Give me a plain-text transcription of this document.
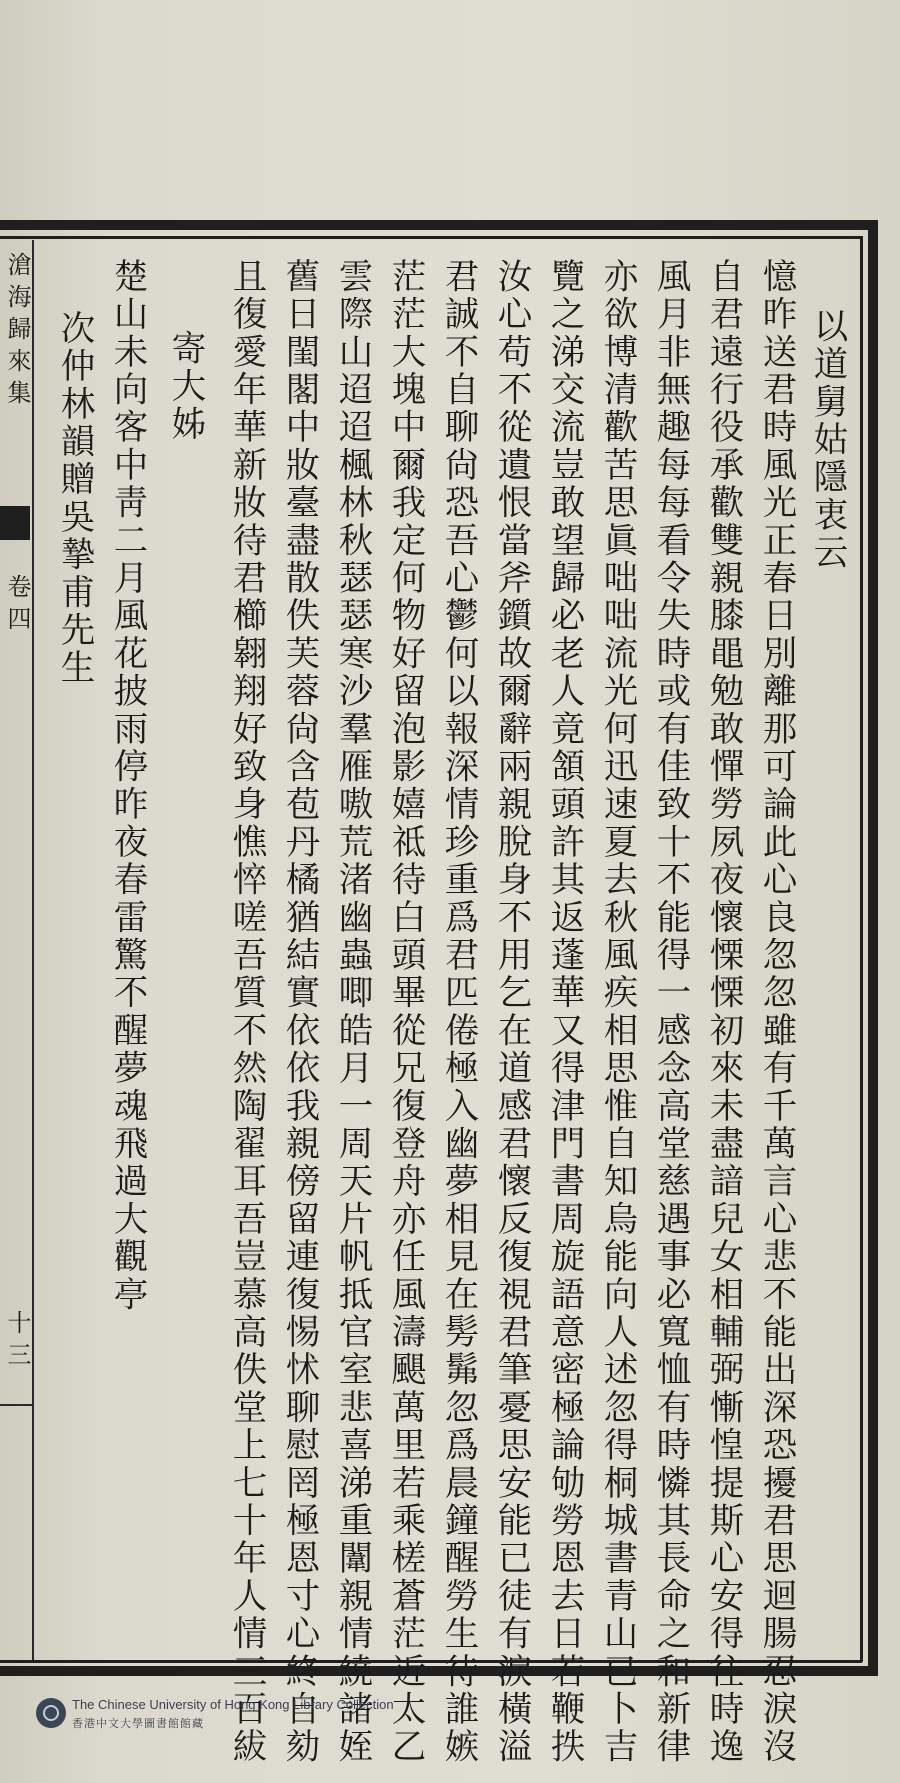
滄海歸來集
卷四
十三
以道舅姑隱衷云
憶昨送君時風光正春日別離那可論此心良忽忽雖有千萬言心悲不能出深恐擾君思迴腸忍淚沒
自君遠行役承歡雙親膝黽勉敢憚勞夙夜懷慄慄初來未盡諳兒女相輔弼慚惶提斯心安得往時逸
風月非無趣每每看令失時或有佳致十不能得一感念高堂慈遇事必寬恤有時憐其長命之和新律
亦欲博清歡苦思眞咄咄流光何迅速夏去秋風疾相思惟自知烏能向人述忽得桐城書青山已卜吉
覽之涕交流豈敢望歸必老人竟頷頭許其返蓬華又得津門書周旋語意密極論劬勞恩去日若鞭抶
汝心苟不從遺恨當斧鑕故爾辭兩親脫身不用乞在道感君懷反復視君筆憂思安能已徒有淚橫溢
君誠不自聊尙恐吾心鬱何以報深情珍重爲君匹倦極入幽夢相見在髣髴忽爲晨鐘醒勞生待誰嫉
茫茫大塊中爾我定何物好留泡影嬉祗待白頭畢從兄復登舟亦任風濤颶萬里若乘槎蒼茫近太乙
雲際山迢迢楓林秋瑟瑟寒沙羣雁嗷荒渚幽蟲唧皓月一周天片帆抵官室悲喜涕重闈親情繞諸姪
舊日閨閣中妝臺盡散佚芙蓉尙含苞丹橘猶結實依依我親傍留連復惕怵聊慰罔極恩寸心終自劾
且復愛年華新妝待君櫛翱翔好致身憔悴嗟吾質不然陶翟耳吾豈慕高佚堂上七十年人情三百紱
寄大姊
楚山未向客中靑二月風花披雨停昨夜春雷驚不醒夢魂飛過大觀亭
次仲林韻贈吳摯甫先生
The Chinese University of Hong Kong Library Collection
香港中文大學圖書館館藏
